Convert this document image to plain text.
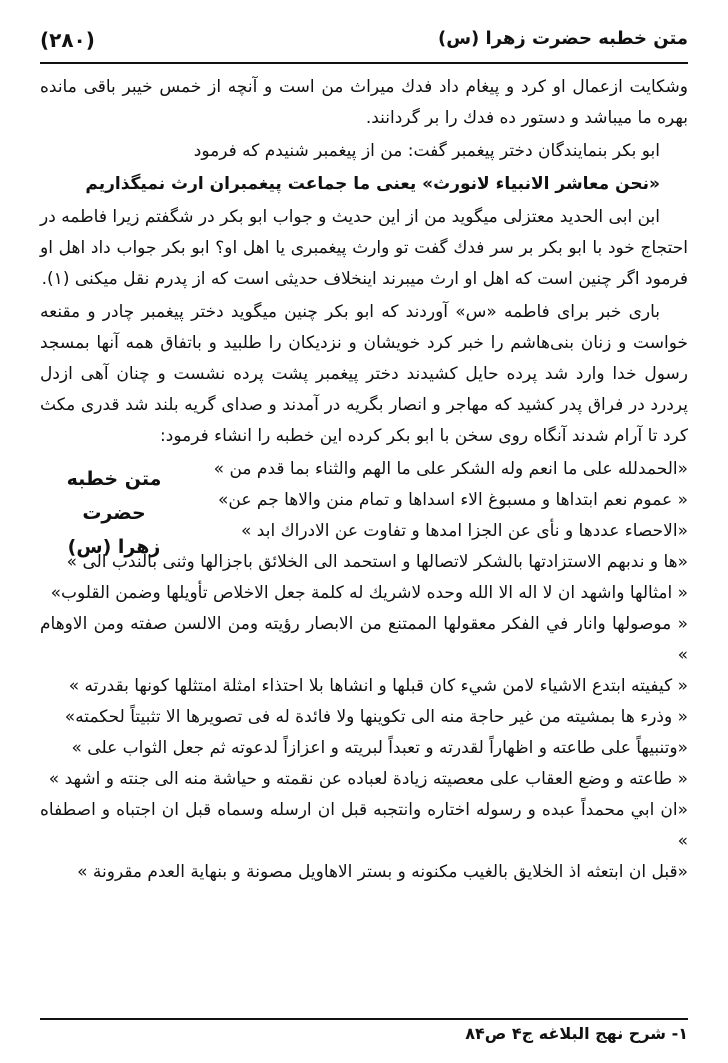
(۲۸۰)	متن خطبه حضرت زهرا (س)

وشکایت ازعمال او کرد و پیغام داد فدك میراث من است و آنچه از خمس خیبر باقی مانده بهره ما میباشد و دستور ده فدك را بر گردانند.

ابو بکر بنمایندگان دختر پیغمبر گفت: من از پیغمبر شنیدم که فرمود

«نحن معاشر الانبياء لانورث» یعنی ما جماعت پیغمبران ارث نمیگذاریم

ابن ابی الحدید معتزلی میگوید من از این حدیث و جواب ابو بکر در شگفتم زیرا فاطمه در احتجاج خود با ابو بکر بر سر فدك گفت تو وارث پیغمبری یا اهل او؟ ابو بکر جواب داد اهل او فرمود اگر چنین است که اهل او ارث میبرند اینخلاف حدیثی است که از پدرم نقل میکنی (۱).

باری خبر برای فاطمه «س» آوردند که ابو بکر چنین میگوید دختر پیغمبر چادر و مقنعه خواست و زنان بنی‌هاشم را خبر کرد خویشان و نزدیکان را طلبید و باتفاق همه آنها بمسجد رسول خدا وارد شد پرده حایل کشیدند دختر پیغمبر پشت پرده نشست و چنان آهی ازدل پردرد در فراق پدر کشید که مهاجر و انصار بگریه در آمدند و صدای گریه بلند شد قدری مکث کرد تا آرام شدند آنگاه روی سخن با ابو بکر کرده این خطبه را انشاء فرمود:

متن خطبه حضرت
زهرا (س)
«الحمدلله على ما انعم وله الشكر على ما الهم والثناء بما قدم من »
« عموم نعم ابتداها و مسبوغ الاء اسداها و تمام منن والاها جم عن»
«الاحصاء عددها و نأى عن الجزا امدها و تفاوت عن الادراك ابد »
«ها و ندبهم الاستزادتها بالشكر لاتصالها و استحمد الى الخلائق باجزالها وثنى بالندب الى »
« امثالها واشهد ان لا اله الا الله وحده لاشريك له كلمة جعل الاخلاص تأويلها وضمن القلوب»
« موصولها وانار في الفكر معقولها الممتنع من الابصار رؤيته ومن الالسن صفته ومن الاوهام »
« كيفيته ابتدع الاشياء لامن شيء كان قبلها و انشاها بلا احتذاء امثلة امتثلها كونها بقدرته »
« وذرء ها بمشيته من غير حاجة منه الى تكوينها ولا فائدة له فى تصويرها الا تثبيتاً لحكمته»
«وتنبيهاً على طاعته و اظهاراً لقدرته و تعبداً لبريته و اعزازاً لدعوته ثم جعل الثواب على »
« طاعته و وضع العقاب على معصيته زيادة لعباده عن نقمته و حياشة منه الى جنته و اشهد »
«ان ابي محمداً عبده و رسوله اختاره وانتجبه قبل ان ارسله وسماه قبل ان اجتباه و اصطفاه »
«قبل ان ابتعثه اذ الخلايق بالغيب مكنونه و بستر الاهاويل مصونة و بنهاية العدم مقرونة »
۱- شرح نهج البلاغه ج۴ ص۸۴
